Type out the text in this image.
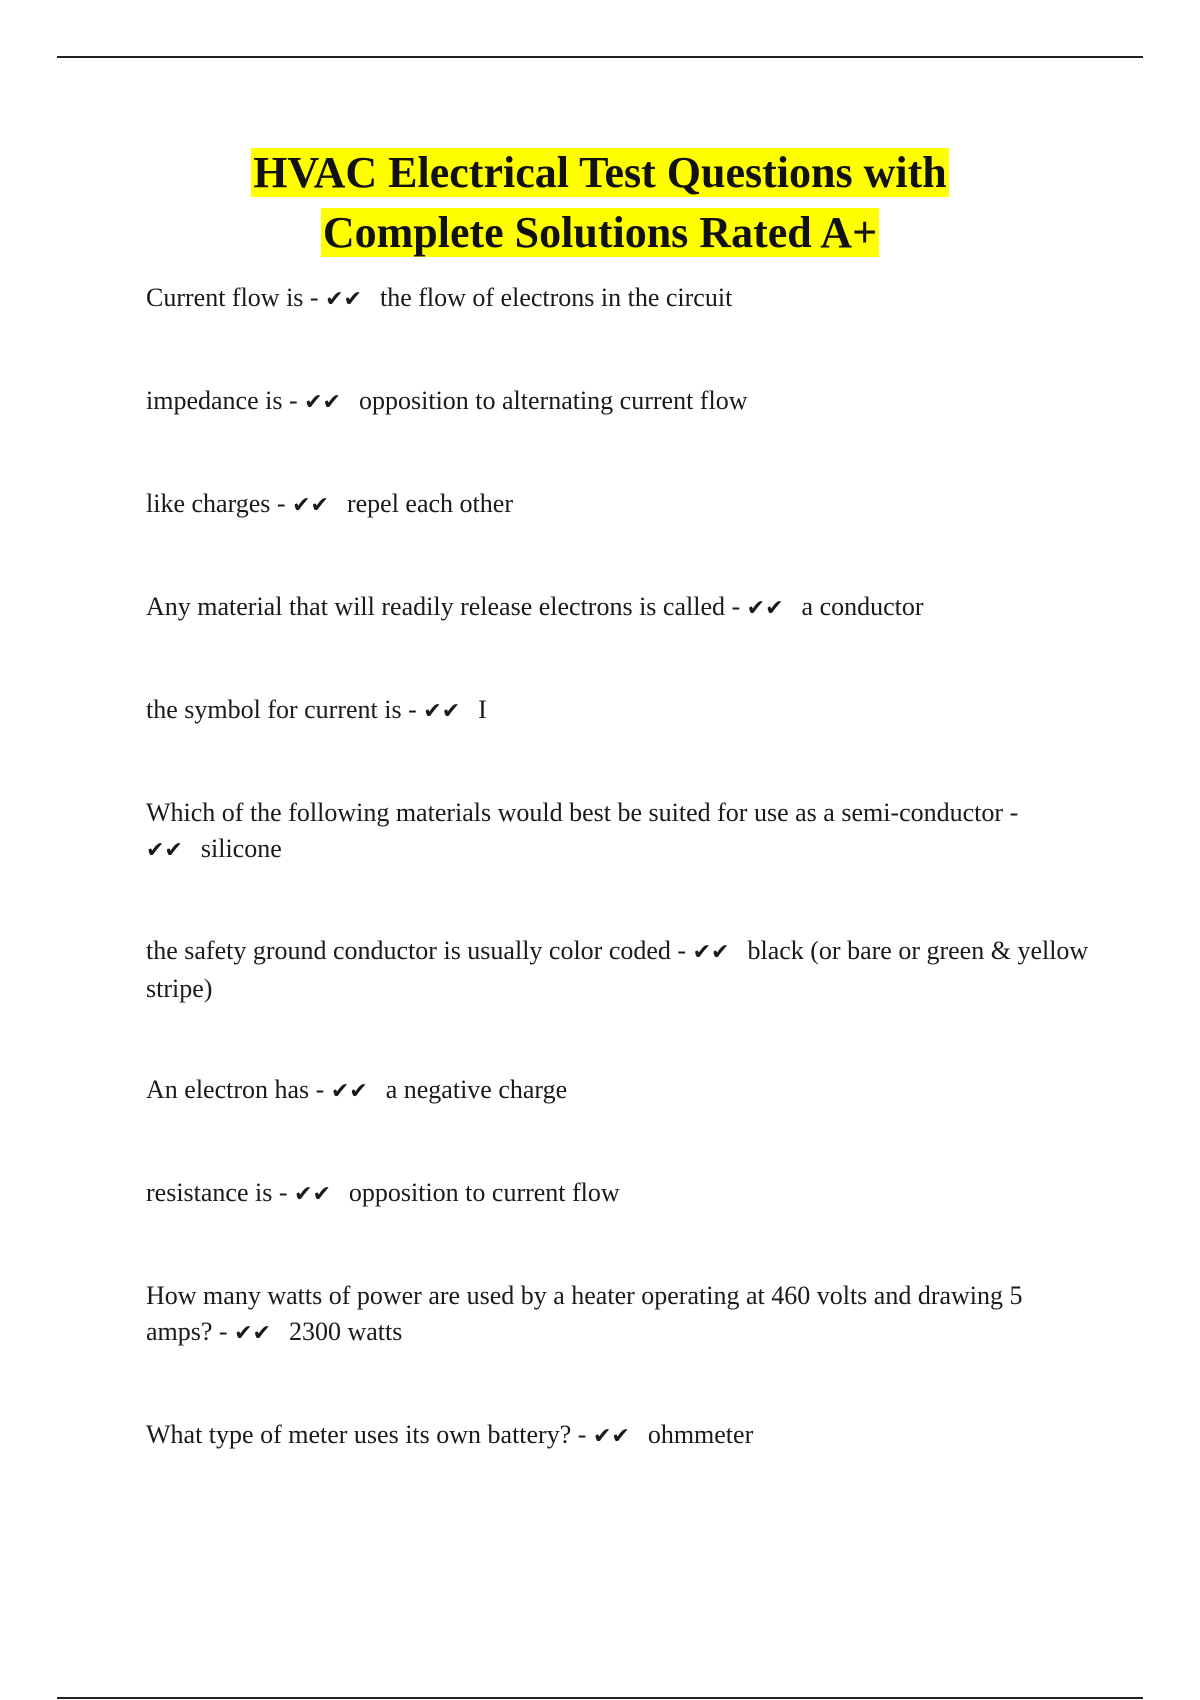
HVAC Electrical Test Questions with
Complete Solutions Rated A+
Current flow is - ✔✔ the flow of electrons in the circuit
impedance is - ✔✔ opposition to alternating current flow
like charges - ✔✔ repel each other
Any material that will readily release electrons is called - ✔✔ a conductor
the symbol for current is - ✔✔ I
Which of the following materials would best be suited for use as a semi-conductor - ✔✔ silicone
the safety ground conductor is usually color coded - ✔✔ black (or bare or green & yellow stripe)
An electron has - ✔✔ a negative charge
resistance is - ✔✔ opposition to current flow
How many watts of power are used by a heater operating at 460 volts and drawing 5 amps? - ✔✔ 2300 watts
What type of meter uses its own battery? - ✔✔ ohmmeter
